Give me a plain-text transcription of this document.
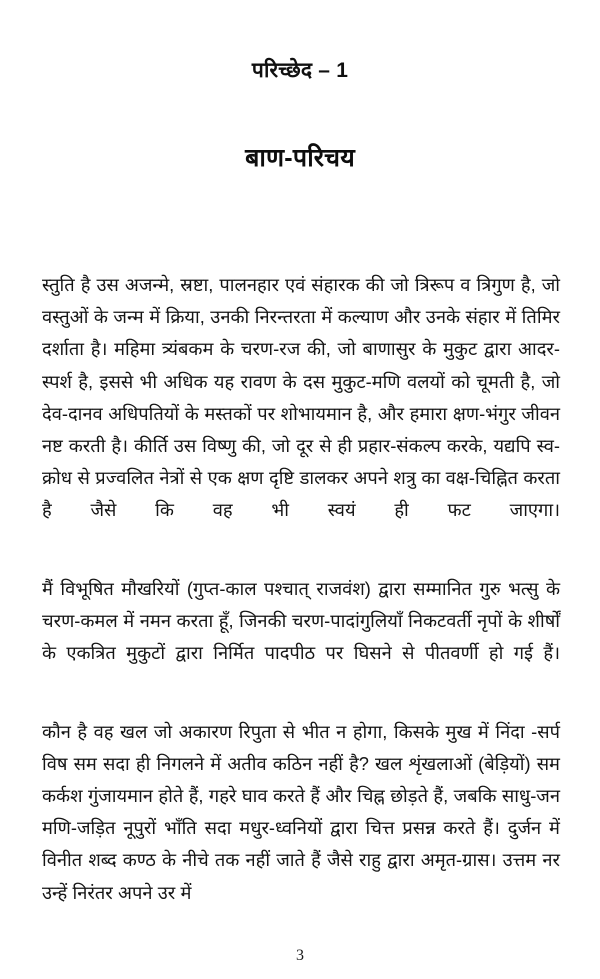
परिच्छेद – 1
बाण-परिचय

स्तुति है उस अजन्मे, स्रष्टा, पालनहार एवं संहारक की जो त्रिरूप व त्रिगुण है, जो वस्तुओं के जन्म में क्रिया, उनकी निरन्तरता में कल्याण और उनके संहार में तिमिर दर्शाता है। महिमा त्र्यंबकम के चरण-रज की, जो बाणासुर के मुकुट द्वारा आदर-स्पर्श है, इससे भी अधिक यह रावण के दस मुकुट-मणि वलयों को चूमती है, जो देव-दानव अधिपतियों के मस्तकों पर शोभायमान है, और हमारा क्षण-भंगुर जीवन नष्ट करती है। कीर्ति उस विष्णु की, जो दूर से ही प्रहार-संकल्प करके, यद्यपि स्व-क्रोध से प्रज्वलित नेत्रों से एक क्षण दृष्टि डालकर अपने शत्रु का वक्ष-चिह्नित करता है जैसे कि वह भी स्वयं ही फट जाएगा।

मैं विभूषित मौखरियों (गुप्त-काल पश्चात् राजवंश) द्वारा सम्मानित गुरु भत्सु के चरण-कमल में नमन करता हूँ, जिनकी चरण-पादांगुलियाँ निकटवर्ती नृपों के शीर्षों के एकत्रित मुकुटों द्वारा निर्मित पादपीठ पर घिसने से पीतवर्णी हो गई हैं।

कौन है वह खल जो अकारण रिपुता से भीत न होगा, किसके मुख में निंदा -सर्प विष सम सदा ही निगलने में अतीव कठिन नहीं है? खल शृंखलाओं (बेड़ियों) सम कर्कश गुंजायमान होते हैं, गहरे घाव करते हैं और चिह्न छोड़ते हैं, जबकि साधु-जन मणि-जड़ित नूपुरों भाँति सदा मधुर-ध्वनियों द्वारा चित्त प्रसन्न करते हैं। दुर्जन में विनीत शब्द कण्ठ के नीचे तक नहीं जाते हैं जैसे राहु द्वारा अमृत-ग्रास। उत्तम नर उन्हें निरंतर अपने उर में

3
